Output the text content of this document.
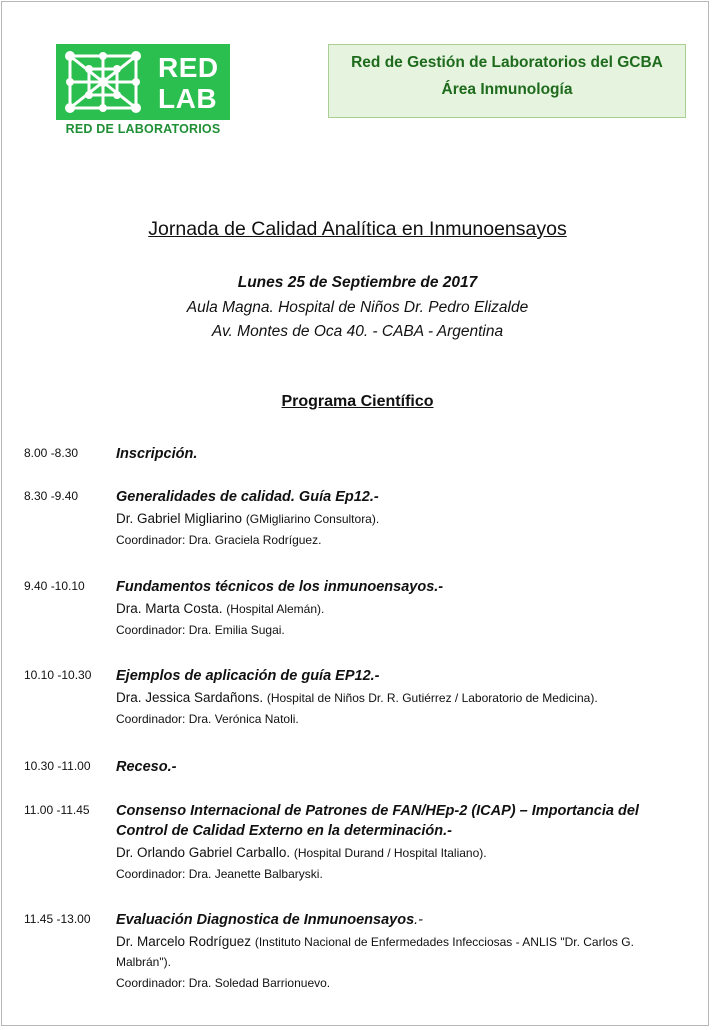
RED
LAB
RED DE LABORATORIOS
Red de Gestión de Laboratorios del GCBA
Área Inmunología
Jornada de Calidad Analítica en Inmunoensayos
Lunes 25 de Septiembre de 2017
Aula Magna. Hospital de Niños Dr. Pedro Elizalde
Av. Montes de Oca 40. - CABA - Argentina
Programa Científico
8.00 -8.30	Inscripción.
8.30 -9.40	Generalidades de calidad. Guía Ep12.-
Dr. Gabriel Migliarino (GMigliarino Consultora).
Coordinador: Dra. Graciela Rodríguez.
9.40 -10.10 Fundamentos técnicos de los inmunoensayos.-
Dra. Marta Costa. (Hospital Alemán).
Coordinador: Dra. Emilia Sugai.
10.10 -10.30 Ejemplos de aplicación de guía EP12.-
Dra. Jessica Sardañons. (Hospital de Niños Dr. R. Gutiérrez / Laboratorio de Medicina).
Coordinador: Dra. Verónica Natoli.
10.30 -11.00 Receso.-
11.00 -11.45 Consenso Internacional de Patrones de FAN/HEp-2 (ICAP) – Importancia del Control de Calidad Externo en la determinación.-
Dr. Orlando Gabriel Carballo. (Hospital Durand / Hospital Italiano).
Coordinador: Dra. Jeanette Balbaryski.
11.45 -13.00 Evaluación Diagnostica de Inmunoensayos.-
Dr. Marcelo Rodríguez (Instituto Nacional de Enfermedades Infecciosas - ANLIS "Dr. Carlos G. Malbrán").
Coordinador: Dra. Soledad Barrionuevo.
